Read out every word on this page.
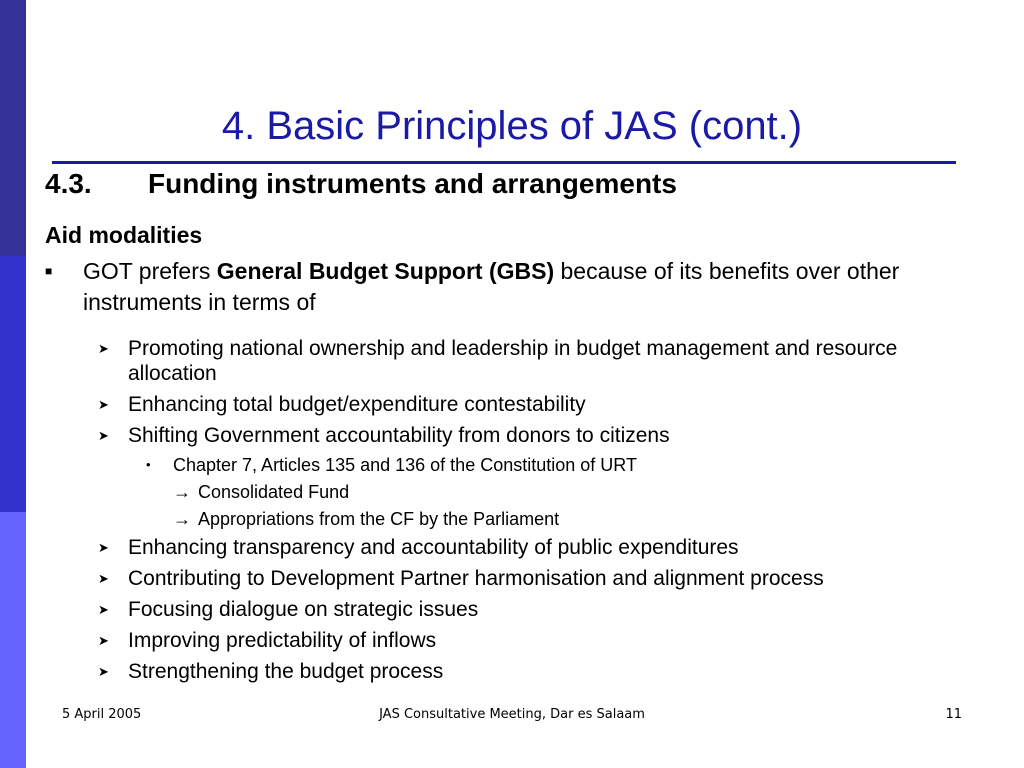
4. Basic Principles of JAS (cont.)
4.3. Funding instruments and arrangements
Aid modalities
■ GOT prefers General Budget Support (GBS) because of its benefits over other instruments in terms of
➤ Promoting national ownership and leadership in budget management and resource allocation
➤ Enhancing total budget/expenditure contestability
➤ Shifting Government accountability from donors to citizens
• Chapter 7, Articles 135 and 136 of the Constitution of URT
→ Consolidated Fund
→ Appropriations from the CF by the Parliament
➤ Enhancing transparency and accountability of public expenditures
➤ Contributing to Development Partner harmonisation and alignment process
➤ Focusing dialogue on strategic issues
➤ Improving predictability of inflows
➤ Strengthening the budget process
5 April 2005	JAS Consultative Meeting, Dar es Salaam	11
